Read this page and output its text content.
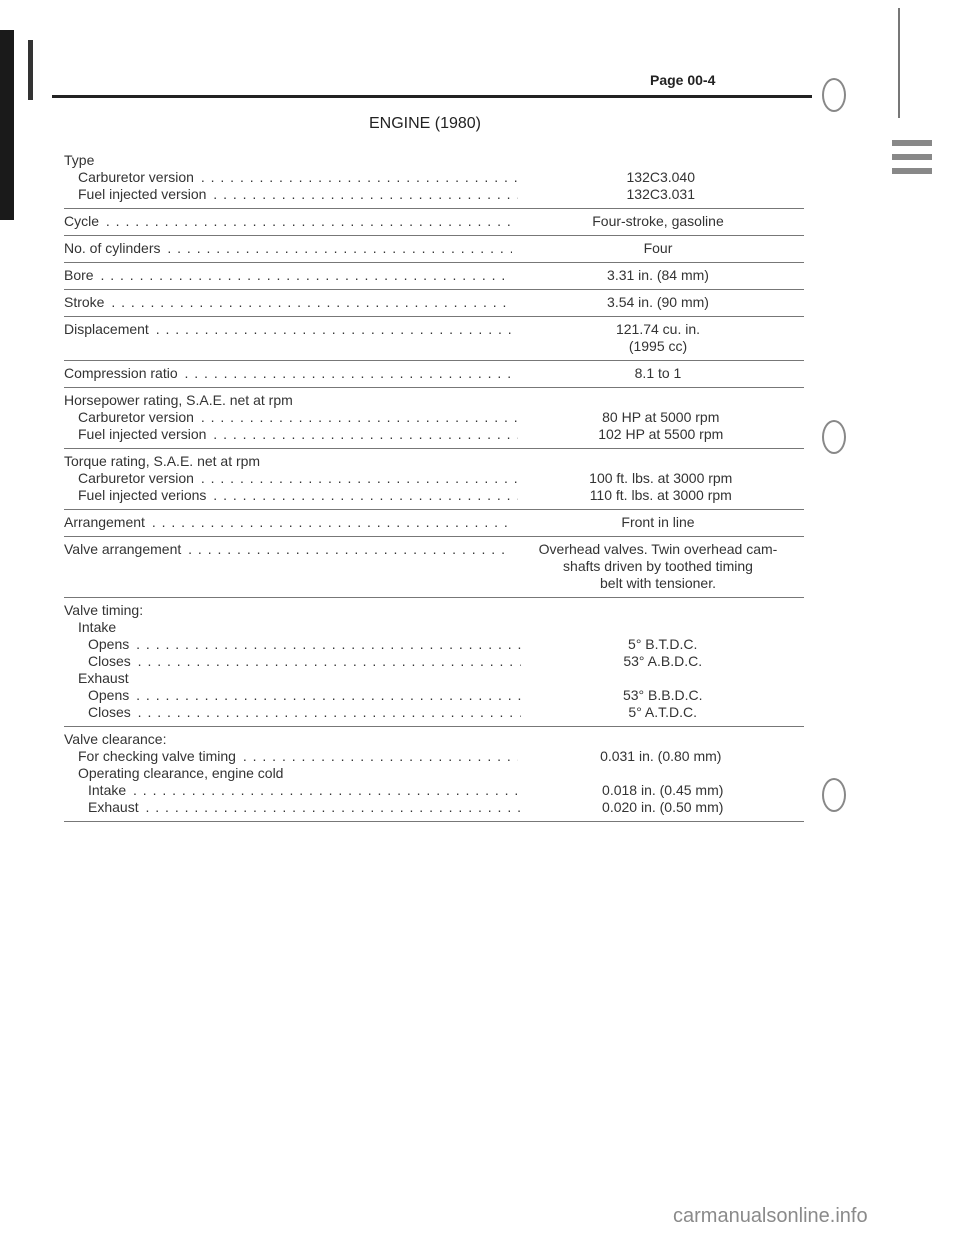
Page 00-4
ENGINE (1980)
Type
Carburetor version . . .	132C3.040
Fuel injected version . . .	132C3.031
Cycle . . .	Four-stroke, gasoline
No. of cylinders . . .	Four
Bore . . .	3.31 in. (84 mm)
Stroke . . .	3.54 in. (90 mm)
Displacement . . .	121.74 cu. in.
(1995 cc)
Compression ratio . . .	8.1 to 1
Horsepower rating, S.A.E. net at rpm
Carburetor version . . .	80 HP at 5000 rpm
Fuel injected version . . .	102 HP at 5500 rpm
Torque rating, S.A.E. net at rpm
Carburetor version . . .	100 ft. lbs. at 3000 rpm
Fuel injected verions . . .	110 ft. lbs. at 3000 rpm
Arrangement . . .	Front in line
Valve arrangement . . .	Overhead valves. Twin overhead cam-
shafts driven by toothed timing
belt with tensioner.
Valve timing:
Intake
Opens . . .	5° B.T.D.C.
Closes . . .	53° A.B.D.C.
Exhaust
Opens . . .	53° B.B.D.C.
Closes . . .	5° A.T.D.C.
Valve clearance:
For checking valve timing . . .	0.031 in. (0.80 mm)
Operating clearance, engine cold
Intake . . .	0.018 in. (0.45 mm)
Exhaust . . .	0.020 in. (0.50 mm)
carmanualsonline.info
